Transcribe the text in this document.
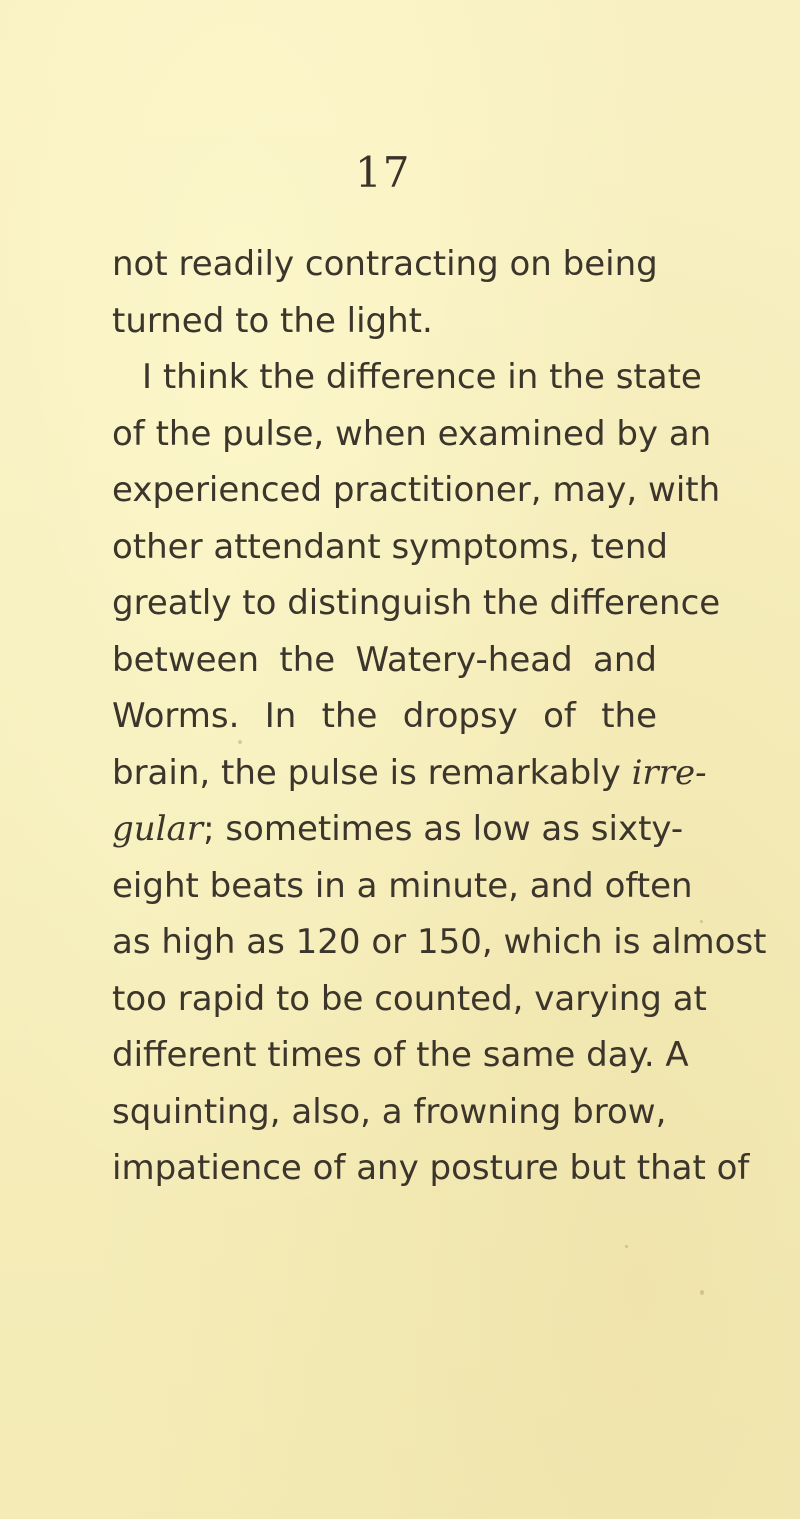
17
not readily contracting on being
turned to the light.
I think the difference in the state
of the pulse, when examined by an
experienced practitioner, may, with
other attendant symptoms, tend
greatly to distinguish the difference
between the Watery-head and
Worms. In the dropsy of the
brain, the pulse is remarkably irre-
gular; sometimes as low as sixty-
eight beats in a minute, and often
as high as 120 or 150, which is almost
too rapid to be counted, varying at
different times of the same day. A
squinting, also, a frowning brow,
impatience of any posture but that of
